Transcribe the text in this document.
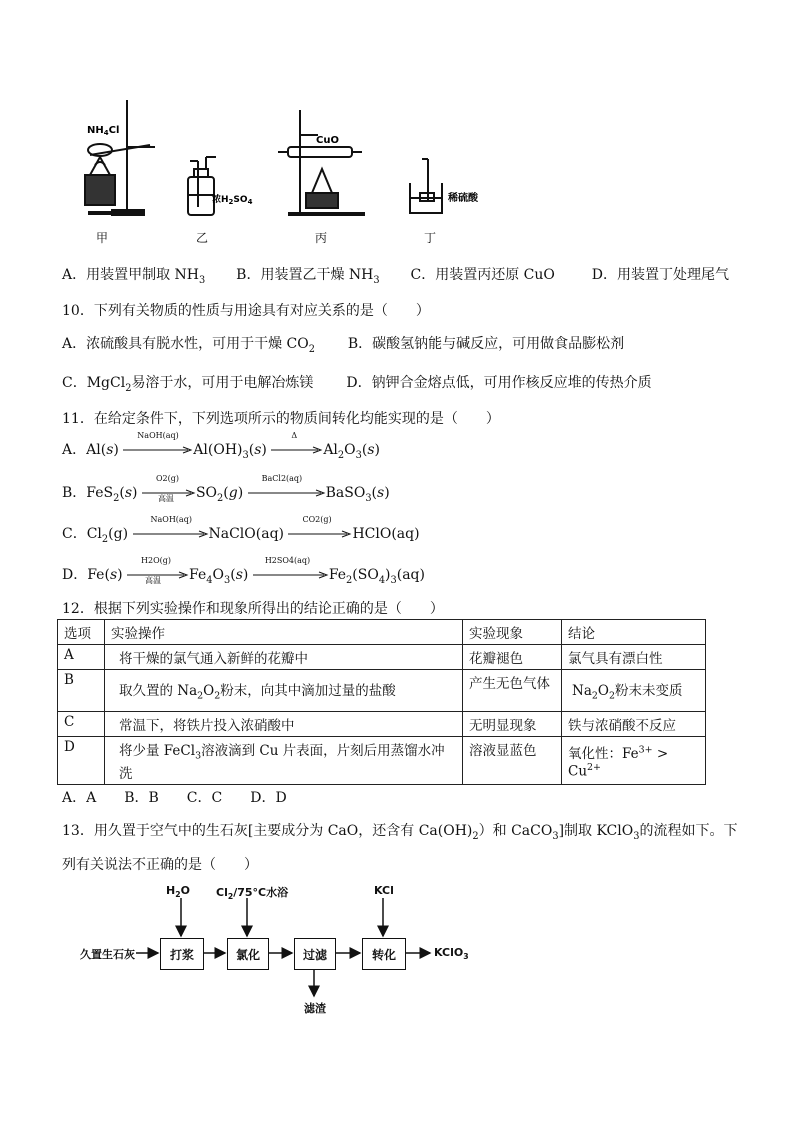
$NH_4Cl$
浓$H_2SO_4$
CuO
稀硫酸
甲	乙	丙	丁
A．用装置甲制取 $NH_3$ B．用装置乙干燥 $NH_3$ C．用装置丙还原 CuO	D．用装置丁处理尾气
10．下列有关物质的性质与用途具有对应关系的是（　　）
A．浓硫酸具有脱水性，可用于干燥 $CO_2$ B．碳酸氢钠能与碱反应，可用做食品膨松剂
C．MgCl$_2$易溶于水，可用于电解冶炼镁 D．钠钾合金熔点低，可用作核反应堆的传热介质
11．在给定条件下，下列选项所示的物质间转化均能实现的是（　　）
A．Al(s)
NaOH(aq)
$Al(OH)_3(s)$
Δ
$Al_2O_3(s)$
B．FeS$_2$(s)
O2(g)
高温 $SO_2(g)$
BaCl2(aq)
BaSO$_3$(s)
C．$Cl_2(g)$
NaOH(aq)
NaClO(aq)
CO2(g)
HClO(aq)
D．Fe(s)
H2O(g)
高温 $Fe_4O_3(s)$
H2SO4(aq)
$Fe_2(SO_4)_3(aq)$
12．根据下列实验操作和现象所得出的结论正确的是（　　）
选项	实验操作	实验现象	结论
A	将干燥的氯气通入新鲜的花瓣中	花瓣褪色	氯气具有漂白性
B	取久置的 $Na_2O_2$粉末，向其中滴加过量的盐酸	产生无色气体	$Na_2O_2$粉末未变质
C	常温下，将铁片投入浓硝酸中	无明显现象	铁与浓硝酸不反应
D	将少量 FeCl$_3$溶液滴到 Cu 片表面，片刻后用蒸馏水冲洗	溶液显蓝色	氧化性：$Fe^{3+} > Cu^{2+}$
A．A　　B．B　　C．C　　D．D
13．用久置于空气中的生石灰[主要成分为 CaO，还含有 $Ca(OH)_2$）和 CaCO$_3$]制取 KClO$_3$的流程如下。下
列有关说法不正确的是（　　）
久置生石灰	打浆	氯化	过滤	转化
$H_2O$ $Cl_2/75^\circ C$水浴	KCl
KClO$_3$
滤渣
